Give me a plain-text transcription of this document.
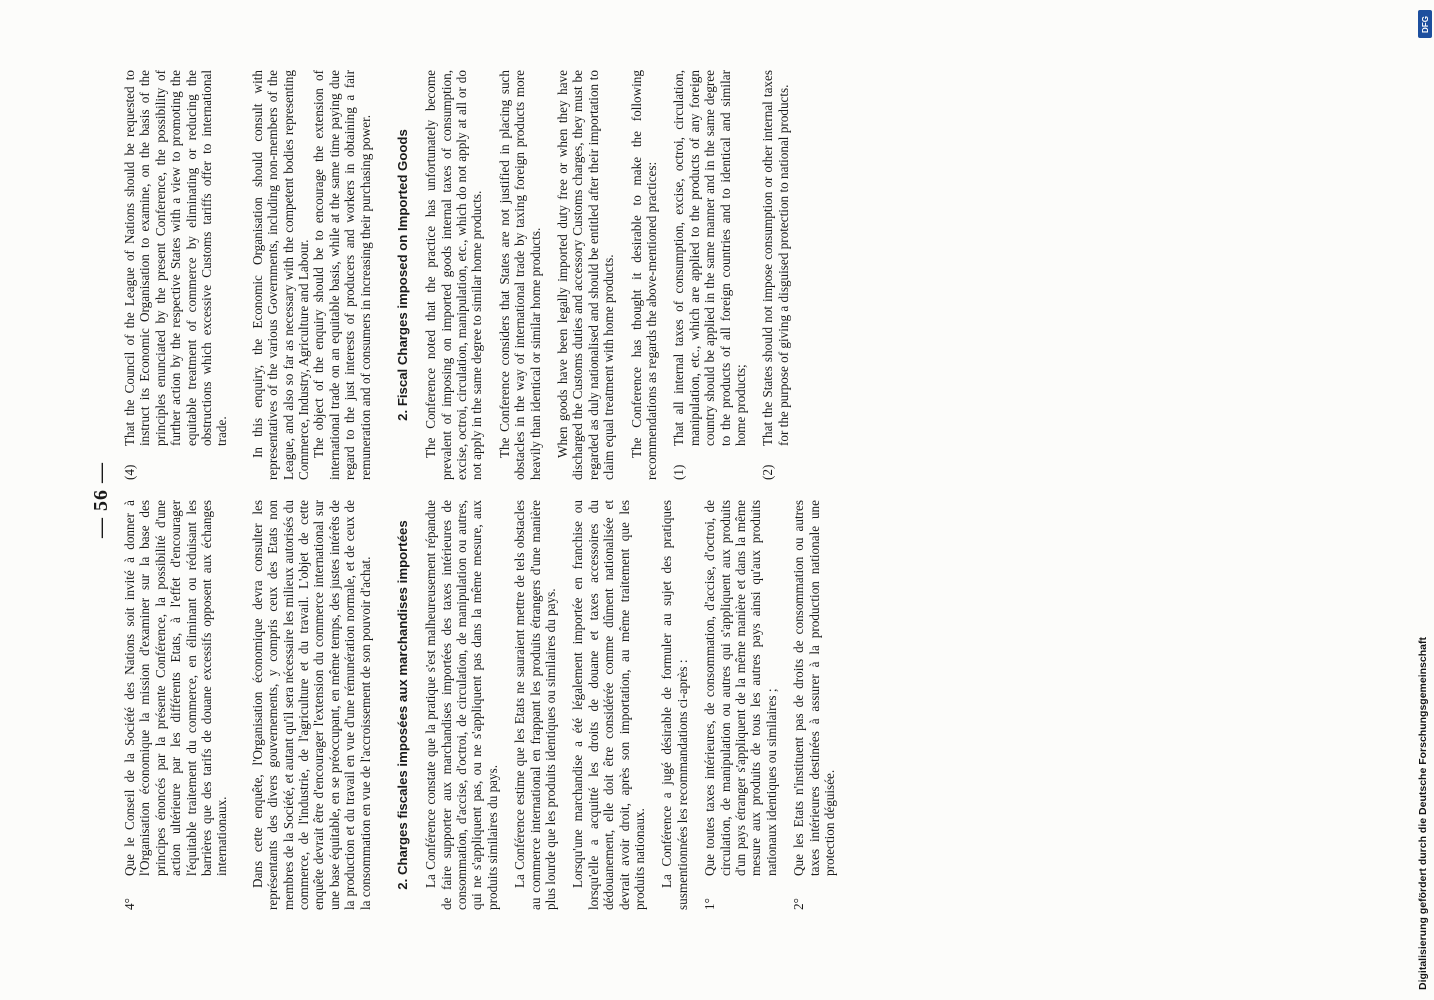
— 56 —
4°
Que le Conseil de la Société des Nations soit invité à donner à l'Organisation économique la mission d'examiner sur la base des principes énoncés par la présente Conférence, la possibilité d'une action ultérieure par les différents Etats, à l'effet d'encourager l'équitable traitement du commerce, en éliminant ou réduisant les barrières que des tarifs de douane excessifs opposent aux échanges internationaux. Dans cette enquête, l'Organisation économique devra consulter les représentants des divers gouvernements, y compris ceux des Etats non membres de la Société, et autant qu'il sera nécessaire les milieux autorisés du commerce, de l'industrie, de l'agriculture et du travail. L'objet de cette enquête devrait être d'encourager l'extension du commerce international sur une base équitable, en se préoccupant, en même temps, des justes intérêts de la production et du travail en vue d'une rémunération normale, et de ceux de la consommation en vue de l'accroissement de son pouvoir d'achat. 2. Charges fiscales imposées aux marchandises importées La Conférence constate que la pratique s'est malheureusement répandue de faire supporter aux marchandises importées des taxes intérieures de consommation, d'accise, d'octroi, de circulation, de manipulation ou autres, qui ne s'appliquent pas, ou ne s'appliquent pas dans la même mesure, aux produits similaires du pays. La Conférence estime que les Etats ne sauraient mettre de tels obstacles au commerce international en frappant les produits étrangers d'une manière plus lourde que les produits identiques ou similaires du pays. Lorsqu'une marchandise a été légalement importée en franchise ou lorsqu'elle a acquitté les droits de douane et taxes accessoires du dédouanement, elle doit être considérée comme dûment nationalisée et devrait avoir droit, après son importation, au même traitement que les produits nationaux. La Conférence a jugé désirable de formuler au sujet des pratiques susmentionnées les recommandations ci-après : 1°
Que toutes taxes intérieures, de consommation, d'accise, d'octroi, de circulation, de manipulation ou autres qui s'appliquent aux produits d'un pays étranger s'appliquent de la même manière et dans la même mesure aux produits de tous les autres pays ainsi qu'aux produits nationaux identiques ou similaires ;
2°
Que les Etats n'instituent pas de droits de consommation ou autres taxes intérieures destinées à assurer à la production nationale une protection déguisée.
(4)
That the Council of the League of Nations should be requested to instruct its Economic Organisation to examine, on the basis of the principles enunciated by the present Conference, the possibility of further action by the respective States with a view to promoting the equitable treatment of commerce by eliminating or reducing the obstructions which excessive Customs tariffs offer to international trade. In this enquiry, the Economic Organisation should consult with representatives of the various Governments, including non-members of the League, and also so far as necessary with the competent bodies representing Commerce, Industry, Agriculture and Labour. The object of the enquiry should be to encourage the extension of international trade on an equitable basis, while at the same time paying due regard to the just interests of producers and workers in obtaining a fair remuneration and of consumers in increasing their purchasing power. 2. Fiscal Charges imposed on Imported Goods The Conference noted that the practice has unfortunately become prevalent of imposing on imported goods internal taxes of consumption, excise, octroi, circulation, manipulation, etc., which do not apply at all or do not apply in the same degree to similar home products. The Conference considers that States are not justified in placing such obstacles in the way of international trade by taxing foreign products more heavily than identical or similar home products. When goods have been legally imported duty free or when they have discharged the Customs duties and accessory Customs charges, they must be regarded as duly nationalised and should be entitled after their importation to claim equal treatment with home products. The Conference has thought it desirable to make the following recommendations as regards the above-mentioned practices: (1)
That all internal taxes of consumption, excise, octroi, circulation, manipulation, etc., which are applied to the products of any foreign country should be applied in the same manner and in the same degree to the products of all foreign countries and to identical and similar home products;
(2)
That the States should not impose consumption or other internal taxes for the purpose of giving a disguised protection to national products.
DFG
Digitalisierung gefördert durch die Deutsche Forschungsgemeinschaft
